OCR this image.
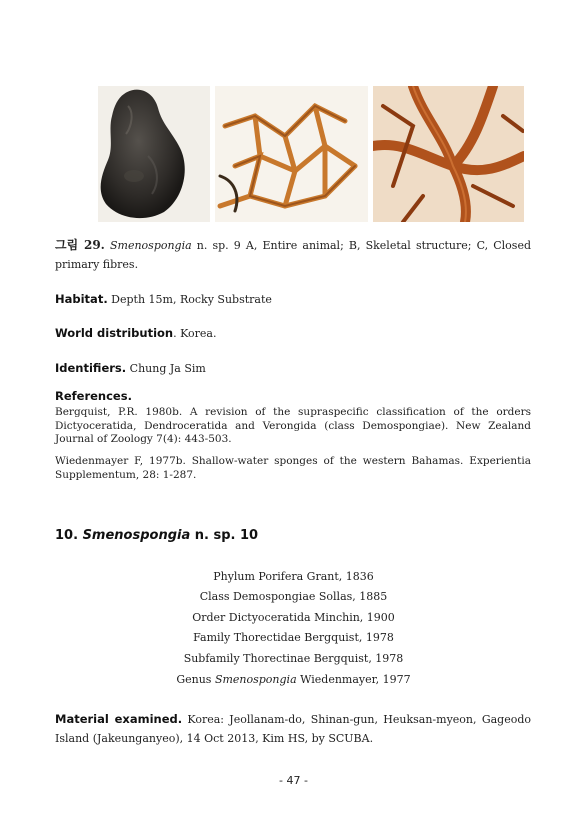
그림 29. Smenospongia n. sp. 9 A, Entire animal; B, Skeletal structure; C, Closed primary fibres.
Habitat. Depth 15m, Rocky Substrate
World distribution. Korea.
Identifiers. Chung Ja Sim
References.
Bergquist, P.R. 1980b. A revision of the supraspecific classification of the orders Dictyoceratida, Dendroceratida and Verongida (class Demospongiae). New Zealand Journal of Zoology 7(4): 443-503.
Wiedenmayer F, 1977b. Shallow-water sponges of the western Bahamas. Experientia Supplementum, 28: 1-287.
10. Smenospongia n. sp. 10
Phylum Porifera Grant, 1836
Class Demospongiae Sollas, 1885
Order Dictyoceratida Minchin, 1900
Family Thorectidae Bergquist, 1978
Subfamily Thorectinae Bergquist, 1978
Genus Smenospongia Wiedenmayer, 1977
Material examined. Korea: Jeollanam-do, Shinan-gun, Heuksan-myeon, Gageodo Island (Jakeunganyeo), 14 Oct 2013, Kim HS, by SCUBA.
- 47 -
